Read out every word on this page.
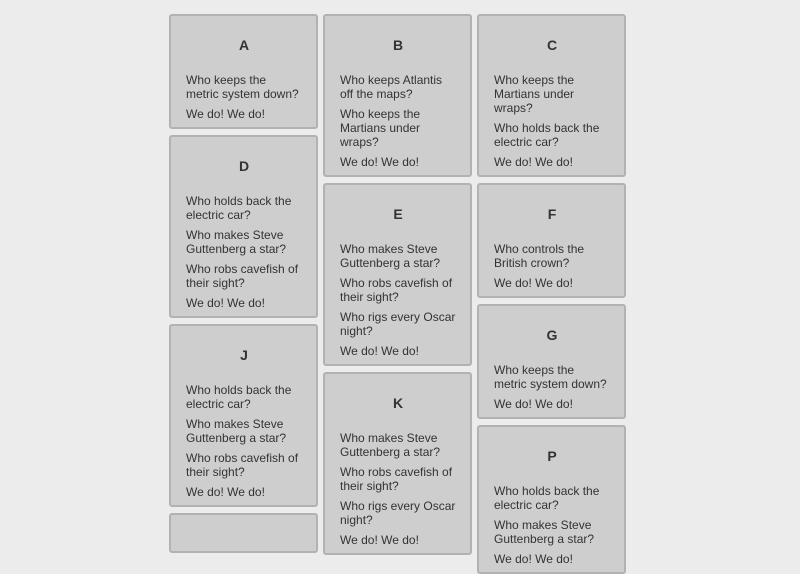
A

Who keeps the metric system down?

We do! We do!

D

Who holds back the electric car?

Who makes Steve Guttenberg a star?

Who robs cavefish of their sight?

We do! We do!

J

Who holds back the electric car?

Who makes Steve Guttenberg a star?

Who robs cavefish of their sight?

We do! We do!

B

Who keeps Atlantis off the maps?

Who keeps the Martians under wraps?

We do! We do!

E

Who makes Steve Guttenberg a star?

Who robs cavefish of their sight?

Who rigs every Oscar night?

We do! We do!

K

Who makes Steve Guttenberg a star?

Who robs cavefish of their sight?

Who rigs every Oscar night?

We do! We do!

C

Who keeps the Martians under wraps?

Who holds back the electric car?

We do! We do!

F

Who controls the British crown?

We do! We do!

G

Who keeps the metric system down?

We do! We do!

P

Who holds back the electric car?

Who makes Steve Guttenberg a star?

We do! We do!
